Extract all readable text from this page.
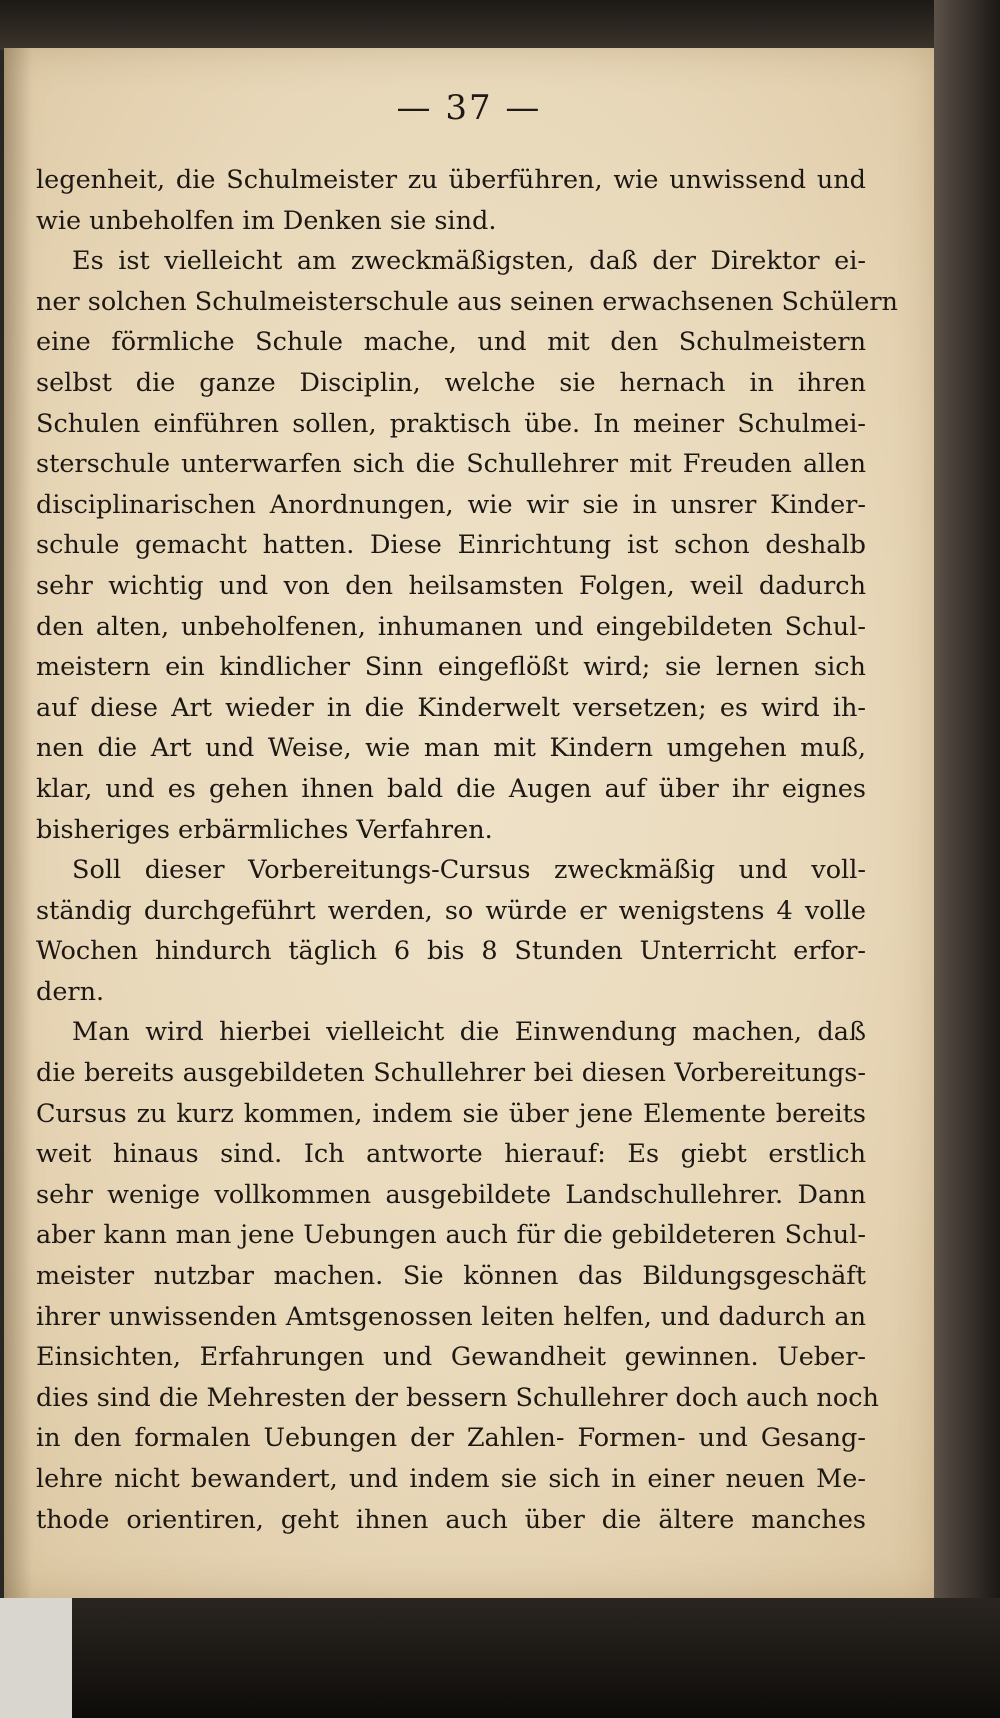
— 37 —
legenheit, die Schulmeister zu überführen, wie unwissend und
wie unbeholfen im Denken sie sind.
Es ist vielleicht am zweckmäßigsten, daß der Direktor ei-
ner solchen Schulmeisterschule aus seinen erwachsenen Schülern
eine förmliche Schule mache, und mit den Schulmeistern
selbst die ganze Disciplin, welche sie hernach in ihren
Schulen einführen sollen, praktisch übe. In meiner Schulmei-
sterschule unterwarfen sich die Schullehrer mit Freuden allen
disciplinarischen Anordnungen, wie wir sie in unsrer Kinder-
schule gemacht hatten. Diese Einrichtung ist schon deshalb
sehr wichtig und von den heilsamsten Folgen, weil dadurch
den alten, unbeholfenen, inhumanen und eingebildeten Schul-
meistern ein kindlicher Sinn eingeflößt wird; sie lernen sich
auf diese Art wieder in die Kinderwelt versetzen; es wird ih-
nen die Art und Weise, wie man mit Kindern umgehen muß,
klar, und es gehen ihnen bald die Augen auf über ihr eignes
bisheriges erbärmliches Verfahren.
Soll dieser Vorbereitungs-Cursus zweckmäßig und voll-
ständig durchgeführt werden, so würde er wenigstens 4 volle
Wochen hindurch täglich 6 bis 8 Stunden Unterricht erfor-
dern.
Man wird hierbei vielleicht die Einwendung machen, daß
die bereits ausgebildeten Schullehrer bei diesen Vorbereitungs-
Cursus zu kurz kommen, indem sie über jene Elemente bereits
weit hinaus sind. Ich antworte hierauf: Es giebt erstlich
sehr wenige vollkommen ausgebildete Landschullehrer. Dann
aber kann man jene Uebungen auch für die gebildeteren Schul-
meister nutzbar machen. Sie können das Bildungsgeschäft
ihrer unwissenden Amtsgenossen leiten helfen, und dadurch an
Einsichten, Erfahrungen und Gewandheit gewinnen. Ueber-
dies sind die Mehresten der bessern Schullehrer doch auch noch
in den formalen Uebungen der Zahlen- Formen- und Gesang-
lehre nicht bewandert, und indem sie sich in einer neuen Me-
thode orientiren, geht ihnen auch über die ältere manches
